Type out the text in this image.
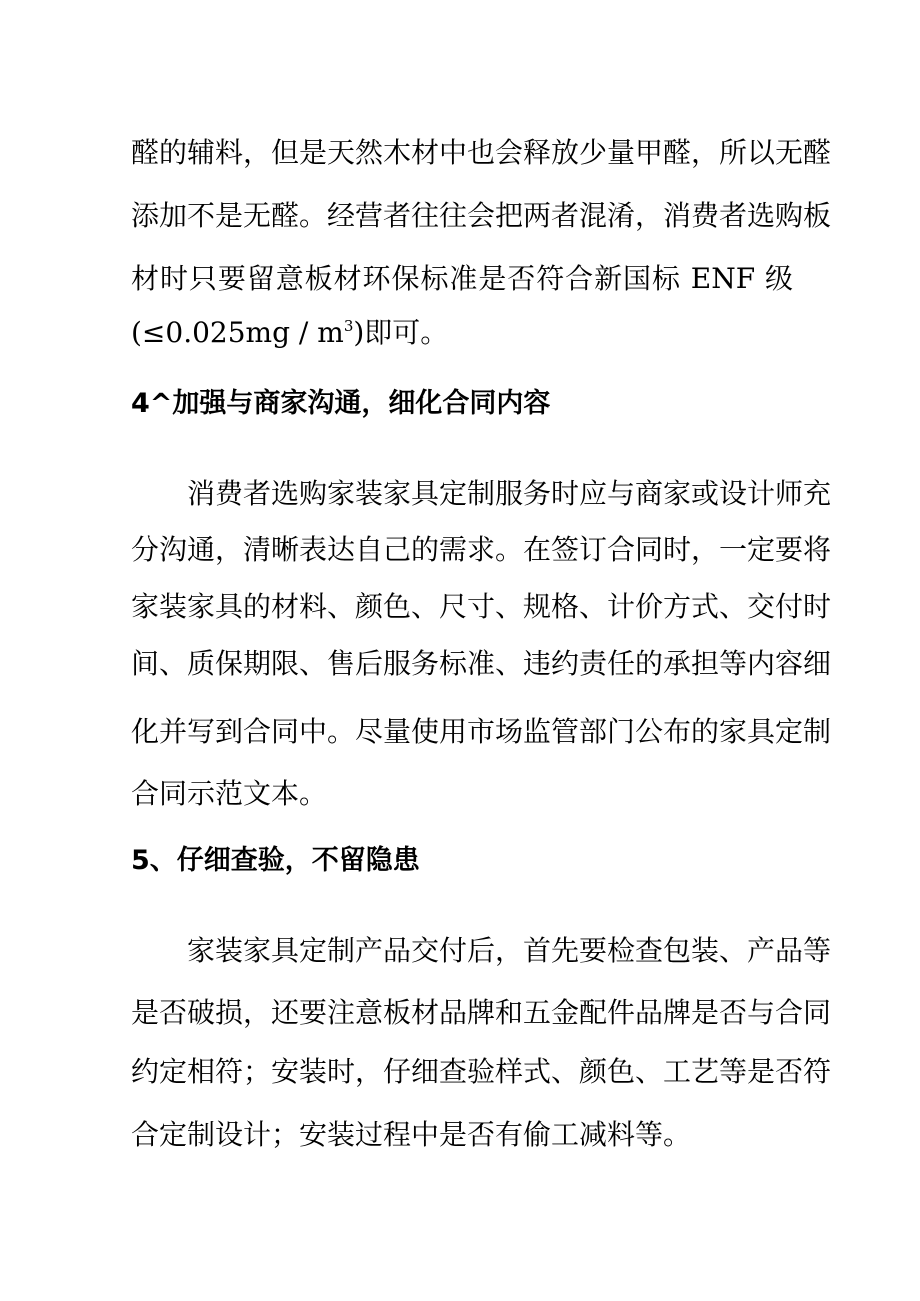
醛的辅料，但是天然木材中也会释放少量甲醛，所以无醛
添加不是无醛。经营者往往会把两者混淆，消费者选购板
材时只要留意板材环保标准是否符合新国标 ENF 级
$(\le 0.025mg / m^3)$即可。
4^加强与商家沟通，细化合同内容
消费者选购家装家具定制服务时应与商家或设计师充
分沟通，清晰表达自己的需求。在签订合同时，一定要将
家装家具的材料、颜色、尺寸、规格、计价方式、交付时
间、质保期限、售后服务标准、违约责任的承担等内容细
化并写到合同中。尽量使用市场监管部门公布的家具定制
合同示范文本。
5、仔细查验，不留隐患
家装家具定制产品交付后，首先要检查包装、产品等
是否破损，还要注意板材品牌和五金配件品牌是否与合同
约定相符；安装时，仔细查验样式、颜色、工艺等是否符
合定制设计；安装过程中是否有偷工减料等。
